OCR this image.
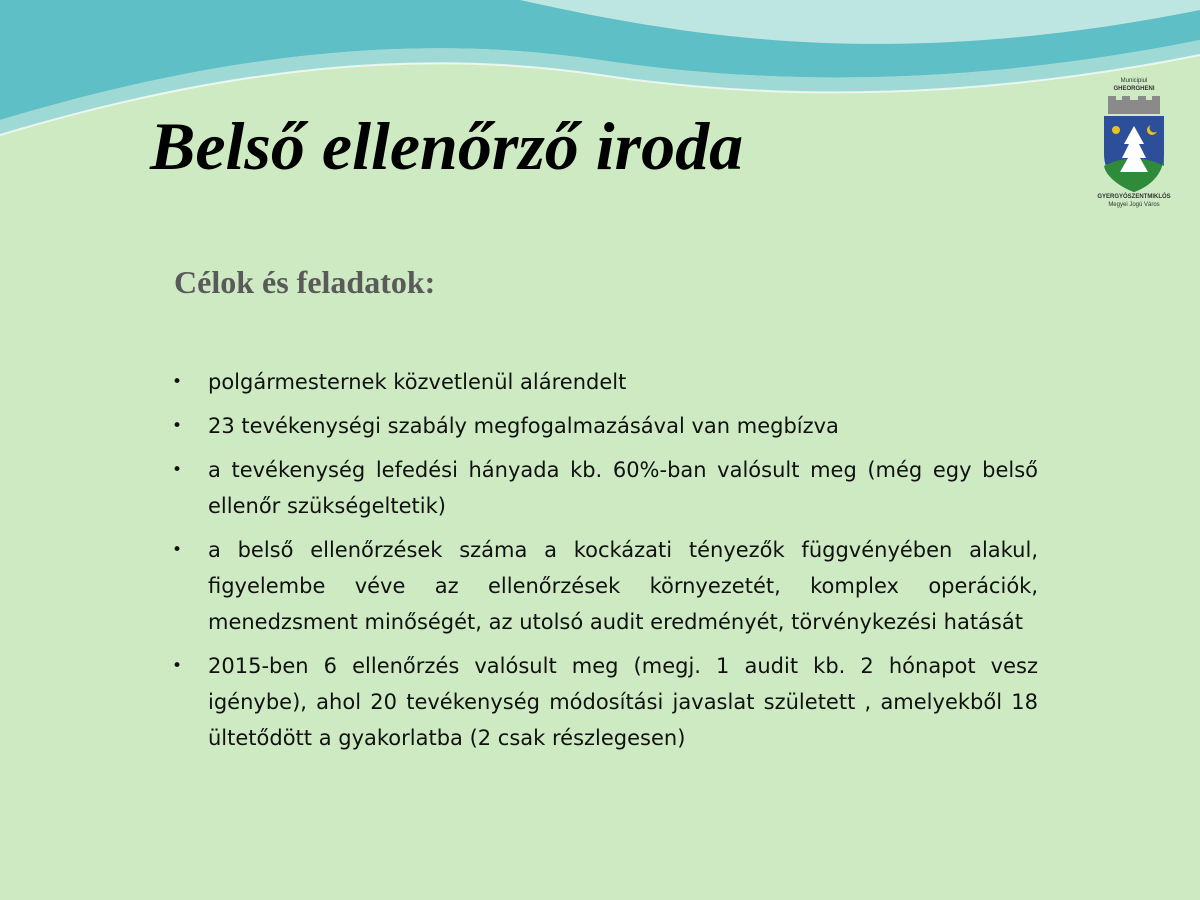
Belső ellenőrző iroda
Municipiul
GHEORGHENI
GYERGYÓSZENTMIKLÓS
Megyei Jogú Város
Célok és feladatok:
• polgármesternek közvetlenül alárendelt
• 23 tevékenységi szabály megfogalmazásával van megbízva
• a tevékenység lefedési hányada kb. 60%-ban valósult meg (még egy belső ellenőr szükségeltetik)
• a belső ellenőrzések száma a kockázati tényezők függvényében alakul, figyelembe véve az ellenőrzések környezetét, komplex operációk, menedzsment minőségét, az utolsó audit eredményét, törvénykezési hatását
• 2015-ben 6 ellenőrzés valósult meg (megj. 1 audit kb. 2 hónapot vesz igénybe), ahol 20 tevékenység módosítási javaslat született , amelyekből 18 ültetődött a gyakorlatba (2 csak részlegesen)
